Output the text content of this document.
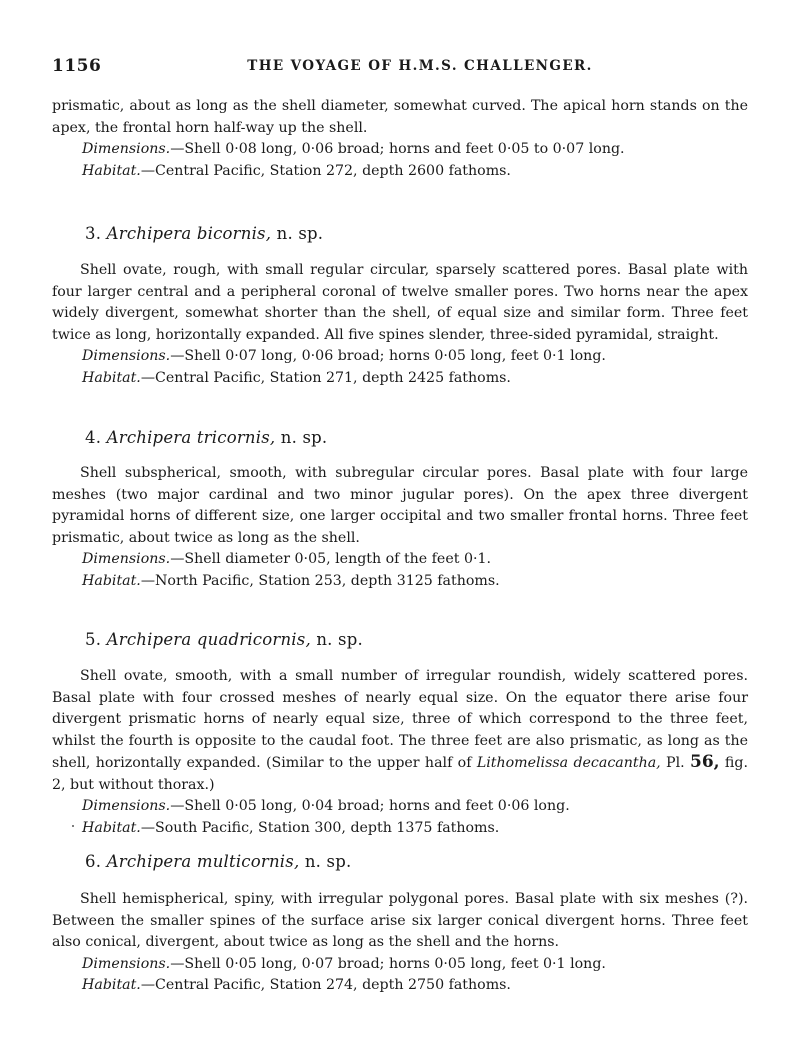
1156	THE VOYAGE OF H.M.S. CHALLENGER.

prismatic, about as long as the shell diameter, somewhat curved. The apical horn stands on the apex, the frontal horn half-way up the shell.

Dimensions.—Shell 0·08 long, 0·06 broad; horns and feet 0·05 to 0·07 long.

Habitat.—Central Pacific, Station 272, depth 2600 fathoms.

3. Archipera bicornis, n. sp.

Shell ovate, rough, with small regular circular, sparsely scattered pores. Basal plate with four larger central and a peripheral coronal of twelve smaller pores. Two horns near the apex widely divergent, somewhat shorter than the shell, of equal size and similar form. Three feet twice as long, horizontally expanded. All five spines slender, three-sided pyramidal, straight.

Dimensions.—Shell 0·07 long, 0·06 broad; horns 0·05 long, feet 0·1 long.

Habitat.—Central Pacific, Station 271, depth 2425 fathoms.

4. Archipera tricornis, n. sp.

Shell subspherical, smooth, with subregular circular pores. Basal plate with four large meshes (two major cardinal and two minor jugular pores). On the apex three divergent pyramidal horns of different size, one larger occipital and two smaller frontal horns. Three feet prismatic, about twice as long as the shell.

Dimensions.—Shell diameter 0·05, length of the feet 0·1.

Habitat.—North Pacific, Station 253, depth 3125 fathoms.

5. Archipera quadricornis, n. sp.

Shell ovate, smooth, with a small number of irregular roundish, widely scattered pores. Basal plate with four crossed meshes of nearly equal size. On the equator there arise four divergent prismatic horns of nearly equal size, three of which correspond to the three feet, whilst the fourth is opposite to the caudal foot. The three feet are also prismatic, as long as the shell, horizontally expanded. (Similar to the upper half of Lithomelissa decacantha, Pl. 56, fig. 2, but without thorax.)

Dimensions.—Shell 0·05 long, 0·04 broad; horns and feet 0·06 long.

Habitat.—South Pacific, Station 300, depth 1375 fathoms.

6. Archipera multicornis, n. sp.

Shell hemispherical, spiny, with irregular polygonal pores. Basal plate with six meshes (?). Between the smaller spines of the surface arise six larger conical divergent horns. Three feet also conical, divergent, about twice as long as the shell and the horns.

Dimensions.—Shell 0·05 long, 0·07 broad; horns 0·05 long, feet 0·1 long.

Habitat.—Central Pacific, Station 274, depth 2750 fathoms.
